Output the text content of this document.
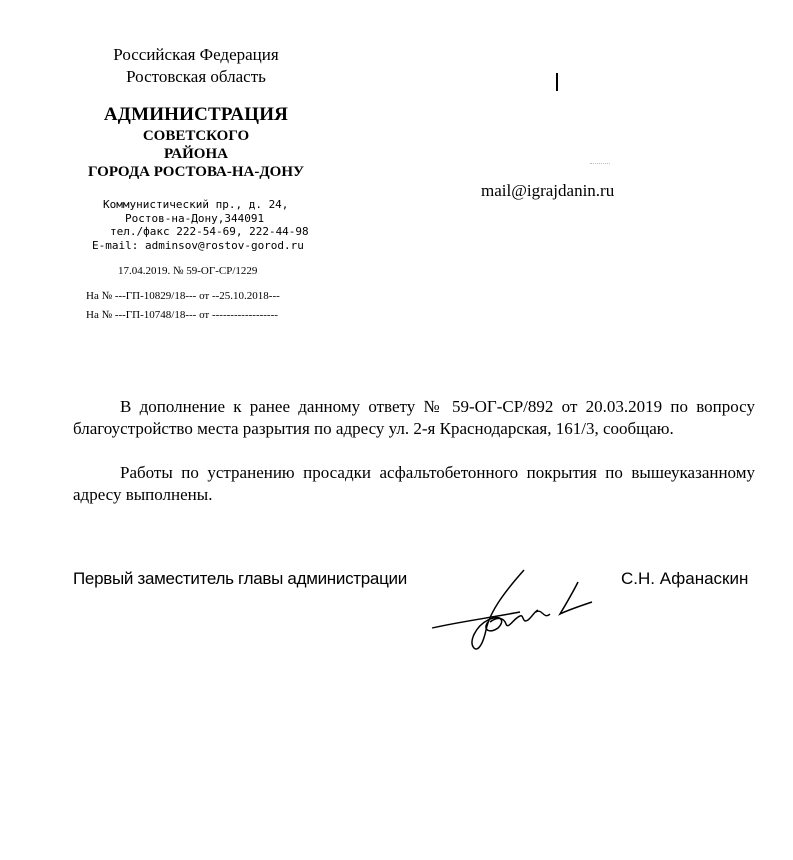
Российская Федерация
Ростовская область
АДМИНИСТРАЦИЯ
СОВЕТСКОГО
РАЙОНА
ГОРОДА РОСТОВА-НА-ДОНУ
Коммунистический пр., д. 24,
Ростов-на-Дону,344091
тел./факс 222-54-69, 222-44-98
E-mail: adminsov@rostov-gorod.ru
17.04.2019. № 59-ОГ-СР/1229
На № ---ГП-10829/18--- от --25.10.2018---
На № ---ГП-10748/18--- от ------------------
mail@igrajdanin.ru
В дополнение к ранее данному ответу № 59-ОГ-СР/892 от 20.03.2019 по вопросу благоустройство места разрытия по адресу ул. 2-я Краснодарская, 161/3, сообщаю.
Работы по устранению просадки асфальтобетонного покрытия по вышеуказанному адресу выполнены.
Первый заместитель главы администрации	С.Н. Афанаскин
